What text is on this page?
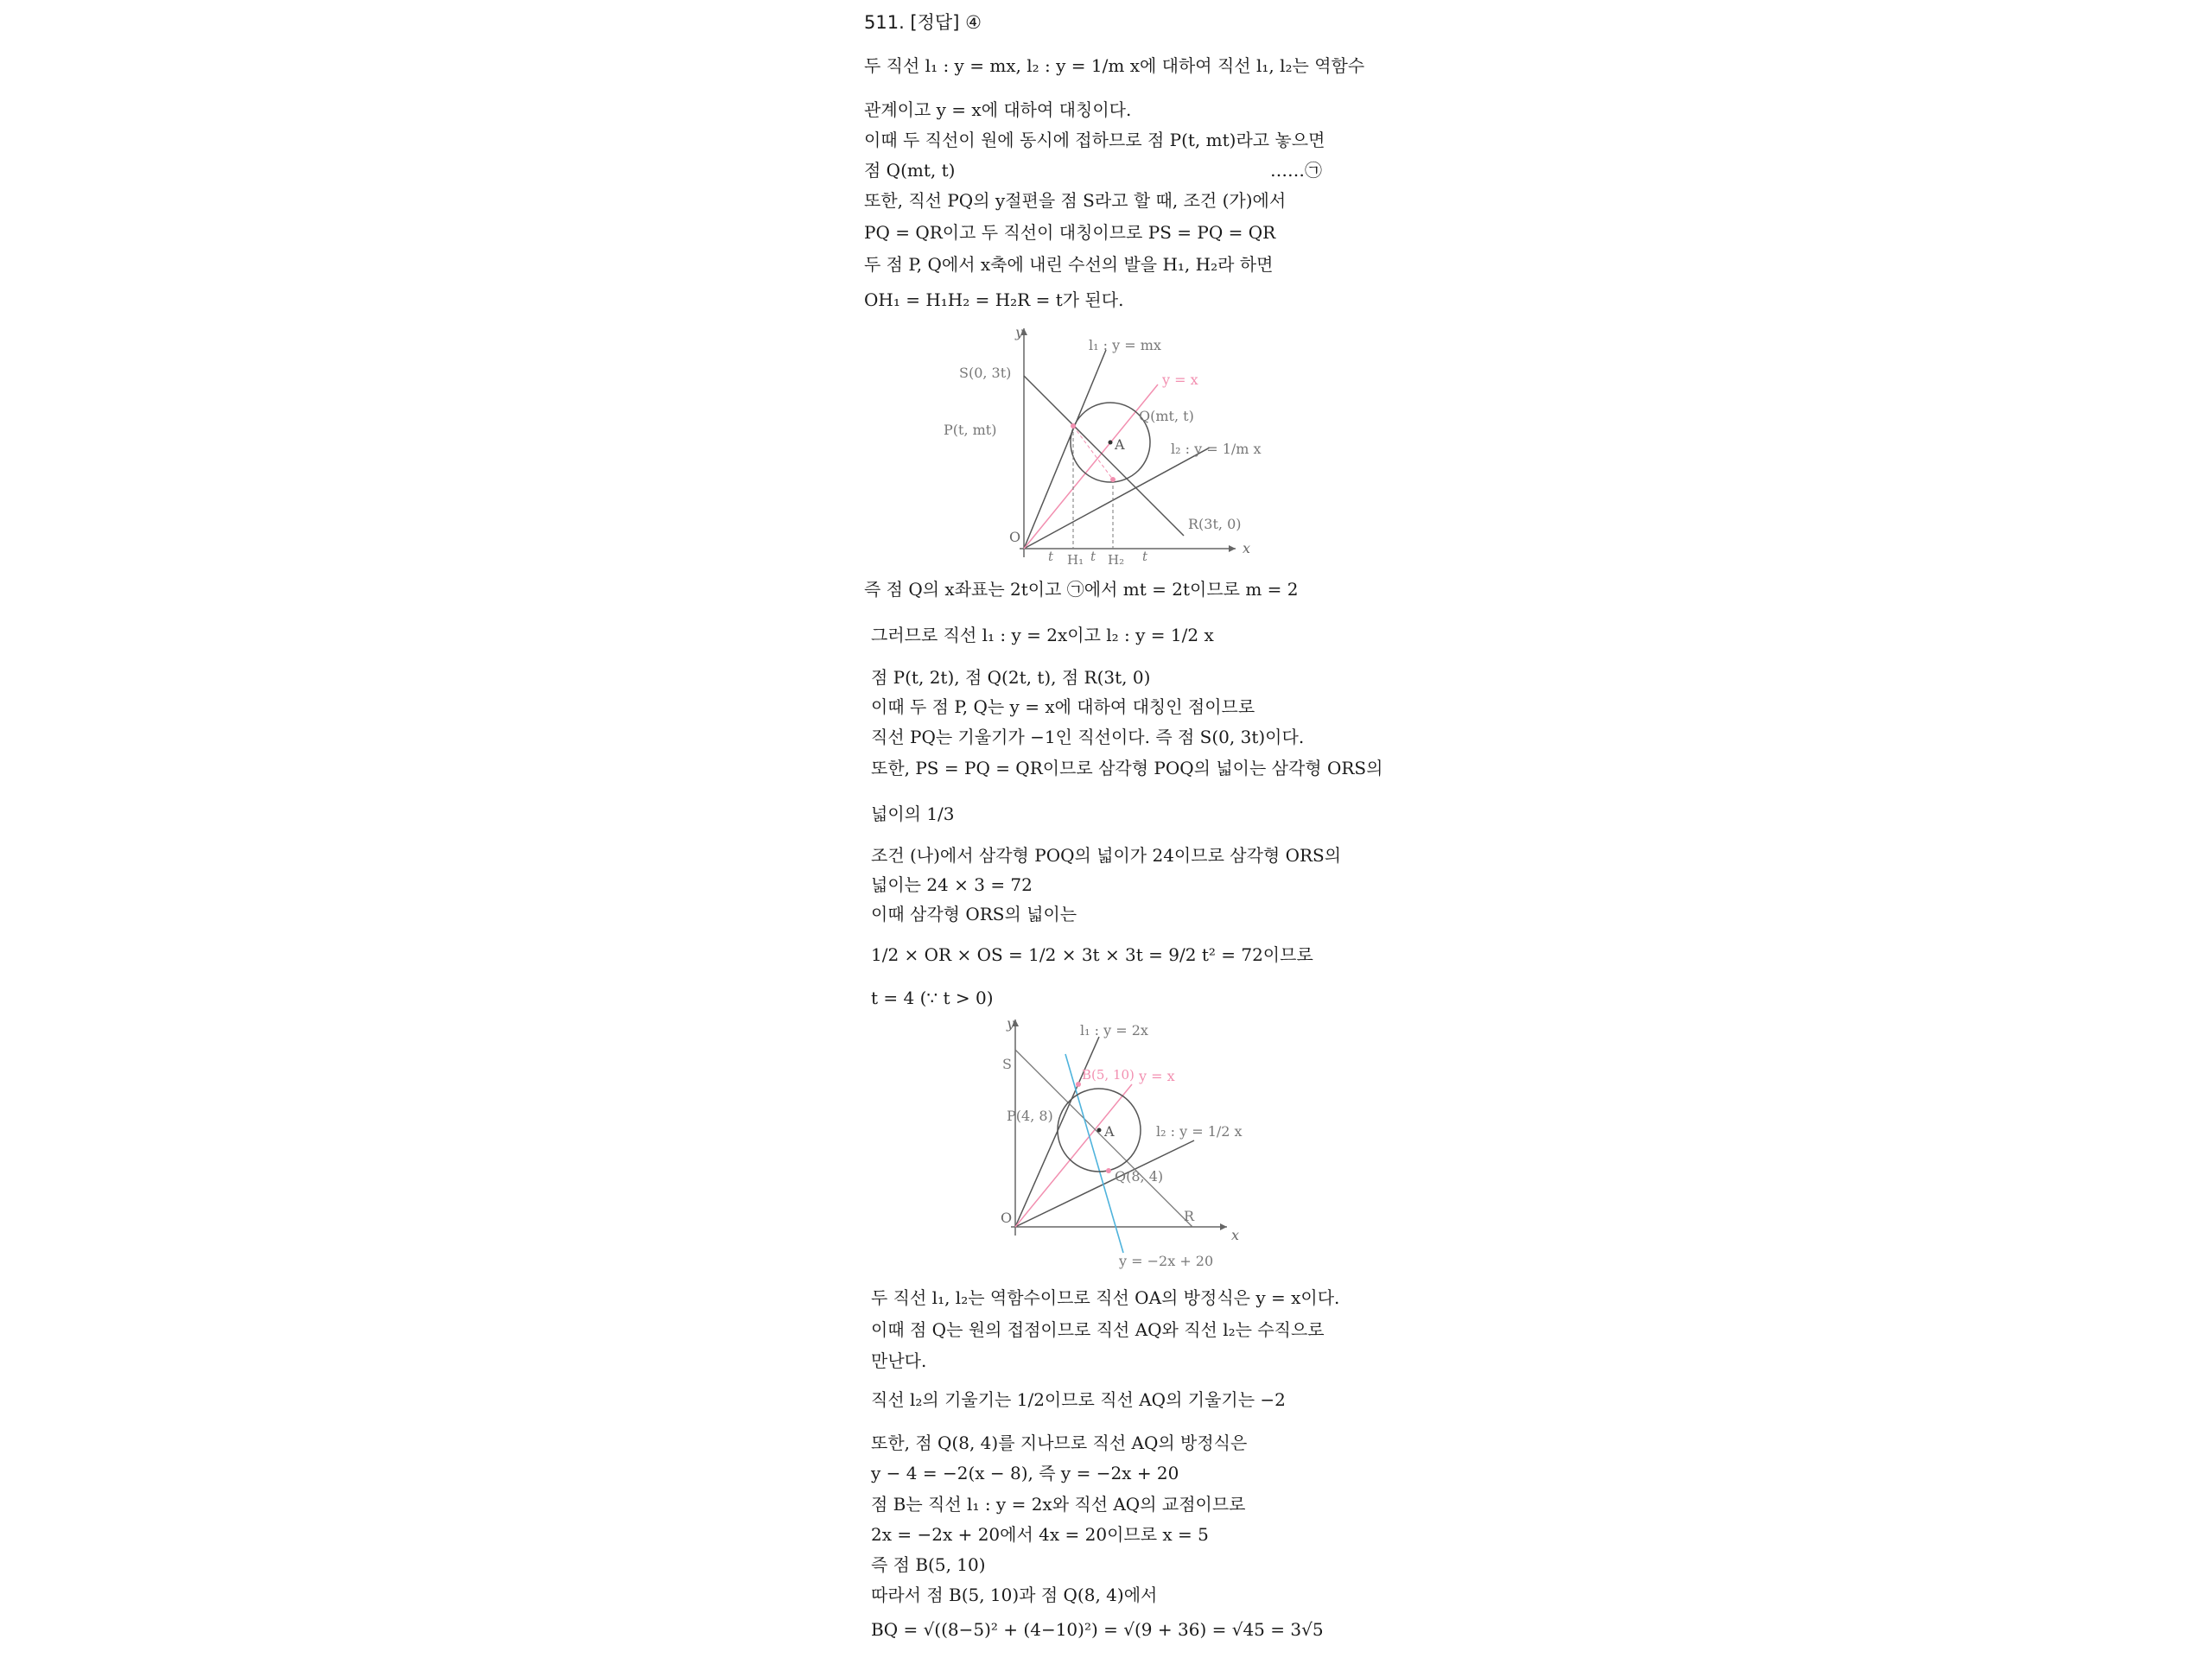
511. [정답] ④
두 직선 l₁ : y = mx, l₂ : y = 1/m x에 대하여 직선 l₁, l₂는 역함수
관계이고 y = x에 대하여 대칭이다.
이때 두 직선이 원에 동시에 접하므로 점 P(t, mt)라고 놓으면
점 Q(mt, t)	……㉠
또한, 직선 PQ의 y절편을 점 S라고 할 때, 조건 (가)에서
PQ = QR이고 두 직선이 대칭이므로 PS = PQ = QR
두 점 P, Q에서 x축에 내린 수선의 발을 H₁, H₂라 하면
OH₁ = H₁H₂ = H₂R = t가 된다.
y
x
O
l₁ : y = mx
y = x
S(0, 3t)
P(t, mt)
Q(mt, t)
A	l₂ : y = 1/m x
R(3t, 0)
H₁ H₂
t	t	t
즉 점 Q의 x좌표는 2t이고 ㉠에서 mt = 2t이므로 m = 2
그러므로 직선 l₁ : y = 2x이고 l₂ : y = 1/2 x
점 P(t, 2t), 점 Q(2t, t), 점 R(3t, 0)
이때 두 점 P, Q는 y = x에 대하여 대칭인 점이므로
직선 PQ는 기울기가 −1인 직선이다. 즉 점 S(0, 3t)이다.
또한, PS = PQ = QR이므로 삼각형 POQ의 넓이는 삼각형 ORS의
넓이의 1/3
조건 (나)에서 삼각형 POQ의 넓이가 24이므로 삼각형 ORS의
넓이는 24 × 3 = 72
이때 삼각형 ORS의 넓이는
1/2 × OR × OS = 1/2 × 3t × 3t = 9/2 t² = 72이므로
t = 4 (∵ t > 0)
y
x
O
l₁ : y = 2x
S
B(5, 10) y = x
P(4, 8)
A	l₂ : y = 1/2 x
Q(8, 4)
R
y = −2x + 20
두 직선 l₁, l₂는 역함수이므로 직선 OA의 방정식은 y = x이다.
이때 점 Q는 원의 접점이므로 직선 AQ와 직선 l₂는 수직으로
만난다.
직선 l₂의 기울기는 1/2이므로 직선 AQ의 기울기는 −2
또한, 점 Q(8, 4)를 지나므로 직선 AQ의 방정식은
y − 4 = −2(x − 8), 즉 y = −2x + 20
점 B는 직선 l₁ : y = 2x와 직선 AQ의 교점이므로
2x = −2x + 20에서 4x = 20이므로 x = 5
즉 점 B(5, 10)
따라서 점 B(5, 10)과 점 Q(8, 4)에서
BQ = √((8−5)² + (4−10)²) = √(9 + 36) = √45 = 3√5
